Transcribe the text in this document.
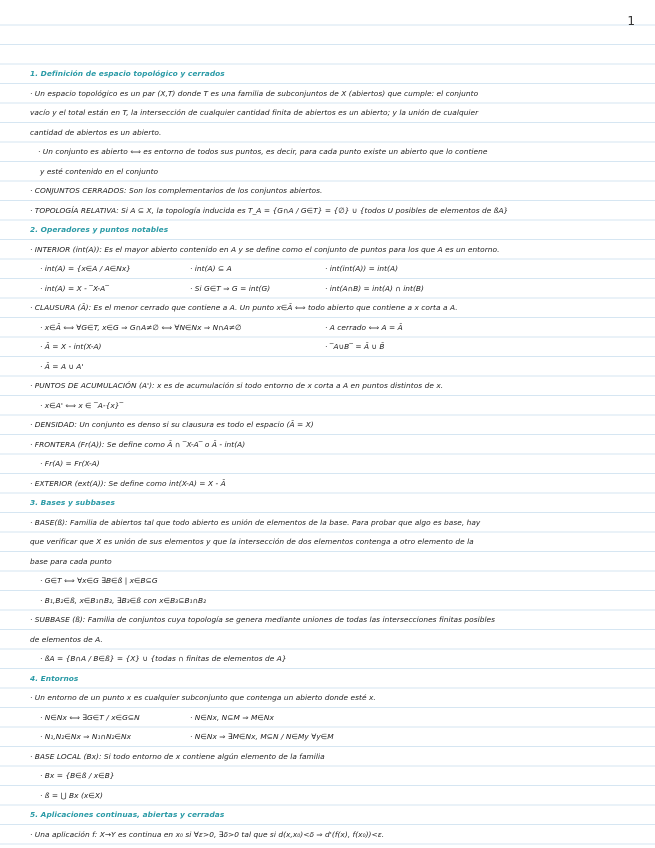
1
1. Definición de espacio topológico y cerrados
· Un espacio topológico es un par (X,T) donde T es una familia de subconjuntos de X (abiertos) que cumple: el conjunto
vacío y el total están en T, la intersección de cualquier cantidad finita de abiertos es un abierto; y la unión de cualquier
cantidad de abiertos es un abierto.
· Un conjunto es abierto ⟺ es entorno de todos sus puntos, es decir, para cada punto existe un abierto que lo contiene
y esté contenido en el conjunto
· CONJUNTOS CERRADOS: Son los complementarios de los conjuntos abiertos.
· TOPOLOGÍA RELATIVA: Si A ⊆ X, la topología inducida es T_A = {G∩A / G∈T} = {∅} ∪ {todos U posibles de elementos de ßA}
2. Operadores y puntos notables
· INTERIOR (int(A)): Es el mayor abierto contenido en A y se define como el conjunto de puntos para los que A es un entorno.
· int(A) = {x∈A / A∈Nx}	· int(A) ⊆ A	· int(int(A)) = int(A)
· int(A) = X - ‾X-A‾	· Si G∈T ⇒ G = int(G)	· int(A∩B) = int(A) ∩ int(B)
· CLAUSURA (Ā): Es el menor cerrado que contiene a A. Un punto x∈Ā ⟺ todo abierto que contiene a x corta a A.
· x∈Ā ⟺ ∀G∈T, x∈G ⇒ G∩A≠∅ ⟺ ∀N∈Nx ⇒ N∩A≠∅	· A cerrado ⟺ A = Ā
· Ā = X - int(X-A)	· ‾A∪B‾ = Ā ∪ B̄
· Ā = A ∪ A'
· PUNTOS DE ACUMULACIÓN (A'): x es de acumulación si todo entorno de x corta a A en puntos distintos de x.
· x∈A' ⟺ x ∈ ‾A-{x}‾
· DENSIDAD: Un conjunto es denso si su clausura es todo el espacio (Ā = X)
· FRONTERA (Fr(A)): Se define como Ā ∩ ‾X-A‾ o Ā - int(A)
· Fr(A) = Fr(X-A)
· EXTERIOR (ext(A)): Se define como int(X-A) = X - Ā
3. Bases y subbases
· BASE(ß): Familia de abiertos tal que todo abierto es unión de elementos de la base. Para probar que algo es base, hay
que verificar que X es unión de sus elementos y que la intersección de dos elementos contenga a otro elemento de la
base para cada punto
· G∈T ⟺ ∀x∈G ∃B∈ß | x∈B⊆G
· B₁,B₂∈ß, x∈B₁∩B₂, ∃B₃∈ß con x∈B₃⊆B₁∩B₂
· SUBBASE (ß): Familia de conjuntos cuya topología se genera mediante uniones de todas las intersecciones finitas posibles
de elementos de A.
· ßA = {B∩A / B∈ß} = {X} ∪ {todas ∩ finitas de elementos de A}
4. Entornos
· Un entorno de un punto x es cualquier subconjunto que contenga un abierto donde esté x.
· N∈Nx ⟺ ∃G∈T / x∈G⊆N	· N∈Nx, N⊆M ⇒ M∈Nx
· N₁,N₂∈Nx ⇒ N₁∩N₂∈Nx	· N∈Nx ⇒ ∃M∈Nx, M⊆N / N∈My ∀y∈M
· BASE LOCAL (Bx): Si todo entorno de x contiene algún elemento de la familia
· Bx = {B∈ß / x∈B}
· ß = ⋃ Bx (x∈X)
5. Aplicaciones continuas, abiertas y cerradas
· Una aplicación f: X→Y es continua en x₀ si ∀ε>0, ∃δ>0 tal que si d(x,x₀)<δ ⇒ d'(f(x), f(x₀))<ε.
